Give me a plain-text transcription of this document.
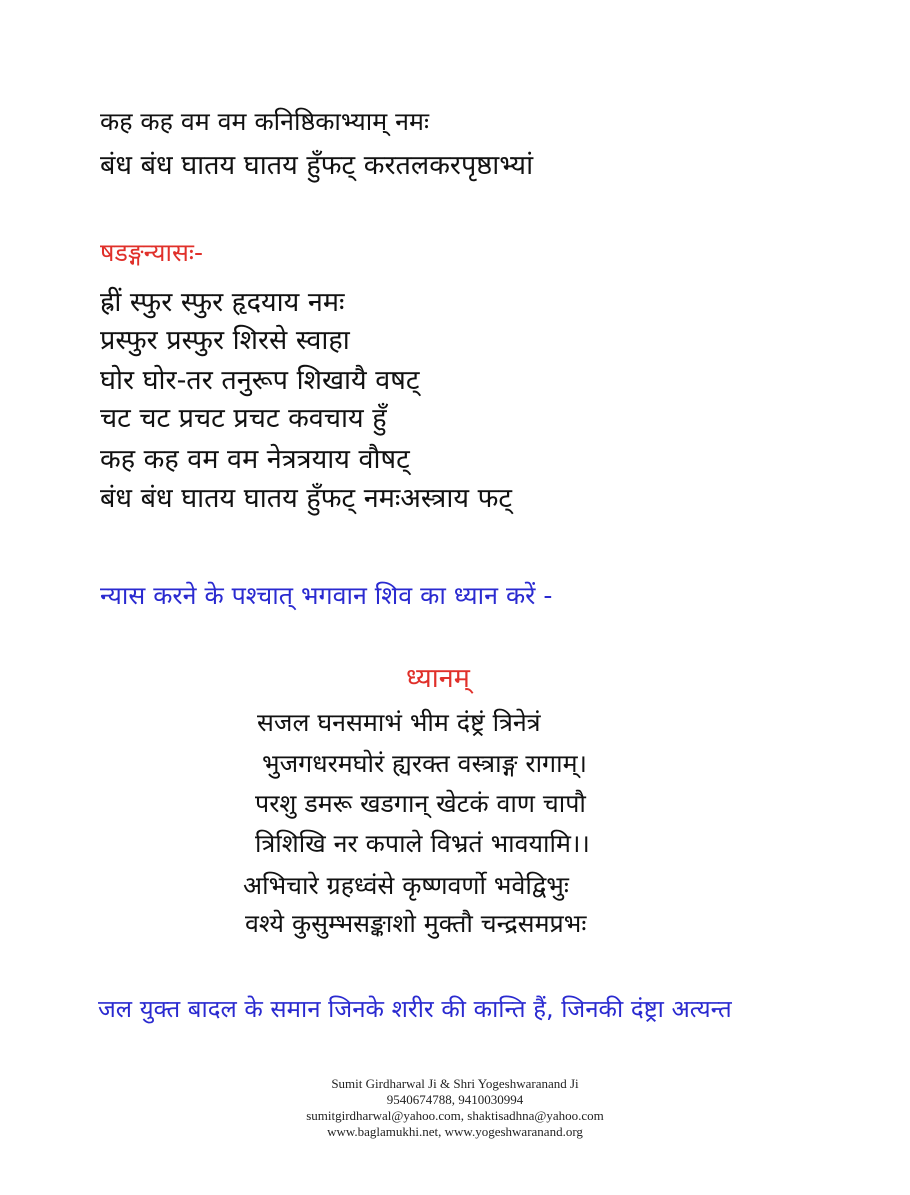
कह कह वम वम कनिष्ठिकाभ्याम् नमः
बंध बंध घातय घातय हुँफट् करतलकरपृष्ठाभ्यां
षडङ्गन्यासः-
ह्रीं स्फुर स्फुर हृदयाय नमः
प्रस्फुर प्रस्फुर शिरसे स्वाहा
घोर घोर-तर तनुरूप शिखायै वषट्
चट चट प्रचट प्रचट कवचाय हुँ
कह कह वम वम नेत्रत्रयाय वौषट्
बंध बंध घातय घातय हुँफट् नमःअस्त्राय फट्
न्यास करने के पश्चात् भगवान शिव का ध्यान करें -
ध्यानम्
सजल घनसमाभं भीम दंष्ट्रं त्रिनेत्रं
भुजगधरमघोरं ह्यरक्त वस्त्राङ्ग रागाम्।
परशु डमरू खडगान् खेटकं वाण चापौ
त्रिशिखि नर कपाले विभ्रतं भावयामि।।
अभिचारे ग्रहध्वंसे कृष्णवर्णो भवेद्विभुः
वश्ये कुसुम्भसङ्काशो मुक्तौ चन्द्रसमप्रभः
जल युक्त बादल के समान जिनके शरीर की कान्ति हैं, जिनकी दंष्ट्रा अत्यन्त
Sumit Girdharwal Ji & Shri Yogeshwaranand Ji
9540674788, 9410030994
sumitgirdharwal@yahoo.com, shaktisadhna@yahoo.com
www.baglamukhi.net, www.yogeshwaranand.org
